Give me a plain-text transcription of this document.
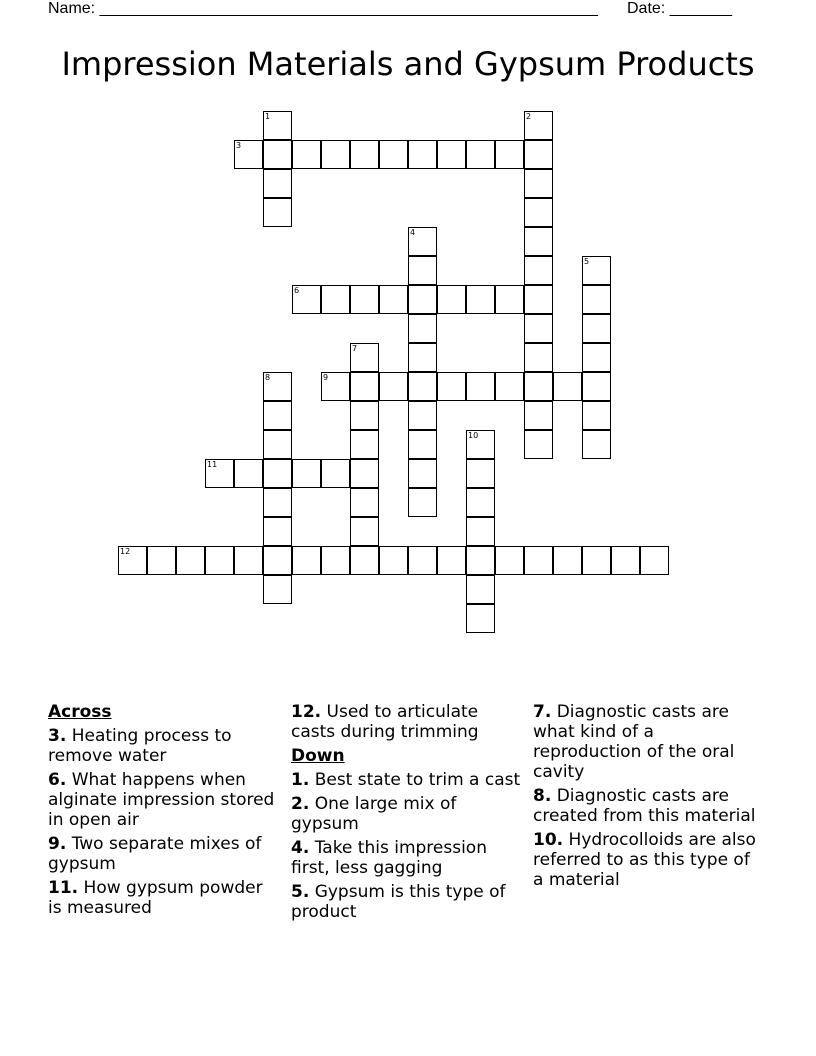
Name: ________________________________________________________ Date: _______
Impression Materials and Gypsum Products
3
6
9
11
12
1	2
4
5
7
8
10
Across
3. Heating process to remove water
6. What happens when alginate impression stored in open air
9. Two separate mixes of gypsum
11. How gypsum powder is measured
12. Used to articulate casts during trimming
Down
1. Best state to trim a cast
2. One large mix of gypsum
4. Take this impression first, less gagging
5. Gypsum is this type of product
7. Diagnostic casts are what kind of a reproduction of the oral cavity
8. Diagnostic casts are created from this material
10. Hydrocolloids are also referred to as this type of a material
